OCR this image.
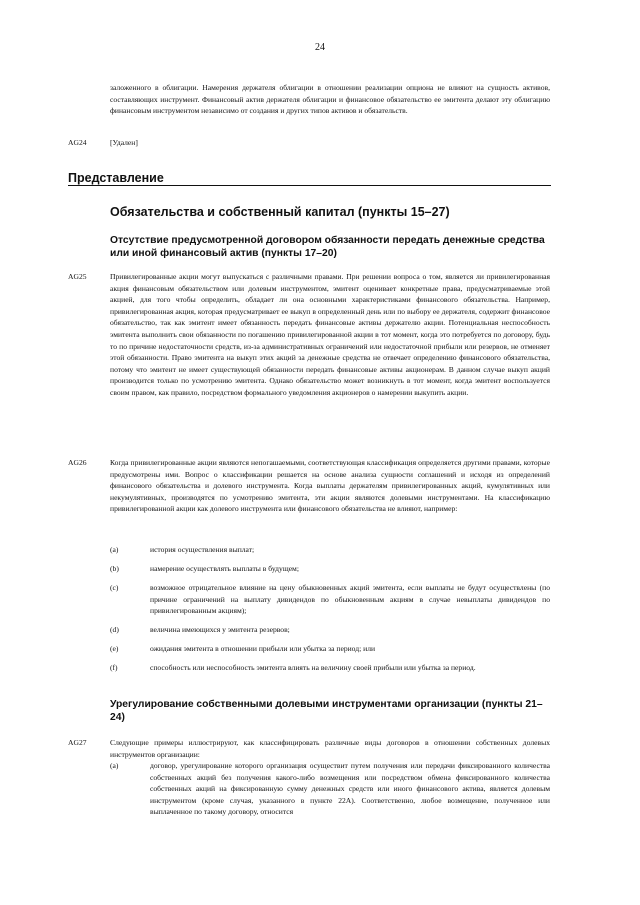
24
заложенного в облигации. Намерения держателя облигации в отношении реализации опциона не влияют на сущность активов, составляющих инструмент. Финансовый актив держателя облигации и финансовое обязательство ее эмитента делают эту облигацию финансовым инструментом независимо от создания и других типов активов и обязательств.
AG24	[Удален]
Представление
Обязательства и собственный капитал (пункты 15–27)
Отсутствие предусмотренной договором обязанности передать денежные средства или иной финансовый актив (пункты 17–20)
AG25	Привилегированные акции могут выпускаться с различными правами. При решении вопроса о том, является ли привилегированная акция финансовым обязательством или долевым инструментом, эмитент оценивает конкретные права, предусматриваемые этой акцией, для того чтобы определить, обладает ли она основными характеристиками финансового обязательства. Например, привилегированная акция, которая предусматривает ее выкуп в определенный день или по выбору ее держателя, содержит финансовое обязательство, так как эмитент имеет обязанность передать финансовые активы держателю акции. Потенциальная неспособность эмитента выполнить свои обязанности по погашению привилегированной акции в тот момент, когда это потребуется по договору, будь то по причине недостаточности средств, из-за административных ограничений или недостаточной прибыли или резервов, не отменяет этой обязанности. Право эмитента на выкуп этих акций за денежные средства не отвечает определению финансового обязательства, потому что эмитент не имеет существующей обязанности передать финансовые активы акционерам. В данном случае выкуп акций производится только по усмотрению эмитента. Однако обязательство может возникнуть в тот момент, когда эмитент воспользуется своим правом, как правило, посредством формального уведомления акционеров о намерении выкупить акции.
AG26	Когда привилегированные акции являются непогашаемыми, соответствующая классификация определяется другими правами, которые предусмотрены ими. Вопрос о классификации решается на основе анализа сущности соглашений и исходя из определений финансового обязательства и долевого инструмента. Когда выплаты держателям привилегированных акций, кумулятивных или некумулятивных, производятся по усмотрению эмитента, эти акции являются долевыми инструментами. На классификацию привилегированной акции как долевого инструмента или финансового обязательства не влияют, например:
(a)	история осуществления выплат;
(b)	намерение осуществлять выплаты в будущем;
(c)	возможное отрицательное влияние на цену обыкновенных акций эмитента, если выплаты не будут осуществлены (по причине ограничений на выплату дивидендов по обыкновенным акциям в случае невыплаты дивидендов по привилегированным акциям);
(d)	величина имеющихся у эмитента резервов;
(e)	ожидания эмитента в отношении прибыли или убытка за период; или
(f)	способность или неспособность эмитента влиять на величину своей прибыли или убытка за период.
Урегулирование собственными долевыми инструментами организации (пункты 21–24)
AG27	Следующие примеры иллюстрируют, как классифицировать различные виды договоров в отношении собственных долевых инструментов организации:
(a)	договор, урегулирование которого организация осуществит путем получения или передачи фиксированного количества собственных акций без получения какого-либо возмещения или посредством обмена фиксированного количества собственных акций на фиксированную сумму денежных средств или иного финансового актива, является долевым инструментом (кроме случая, указанного в пункте 22А). Соответственно, любое возмещение, полученное или выплаченное по такому договору, относится
